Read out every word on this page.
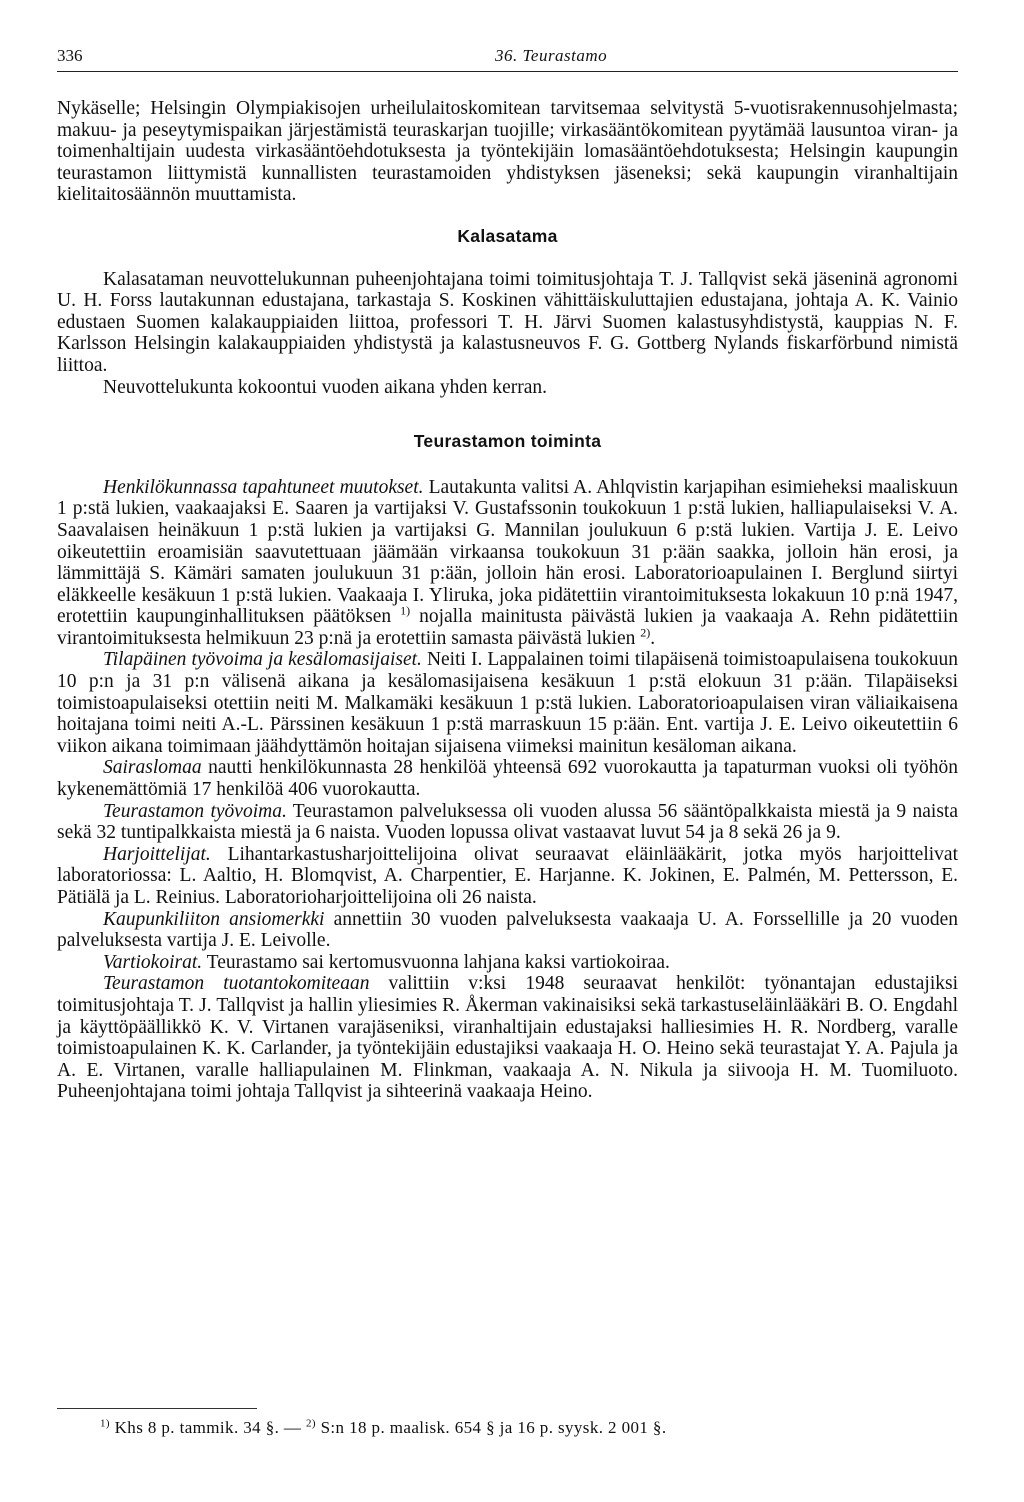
336	36. Teurastamo

Nykäselle; Helsingin Olympiakisojen urheilulaitoskomitean tarvitsemaa selvitystä 5-vuotisrakennusohjelmasta; makuu- ja peseytymispaikan järjestämistä teuraskarjan tuojille; virkasääntökomitean pyytämää lausuntoa viran- ja toimenhaltijain uudesta virkasääntöehdotuksesta ja työntekijäin lomasääntöehdotuksesta; Helsingin kaupungin teurastamon liittymistä kunnallisten teurastamoiden yhdistyksen jäseneksi; sekä kaupungin viranhaltijain kielitaitosäännön muuttamista.

Kalasatama

Kalasataman neuvottelukunnan puheenjohtajana toimi toimitusjohtaja T. J. Tallqvist sekä jäseninä agronomi U. H. Forss lautakunnan edustajana, tarkastaja S. Koskinen vähittäiskuluttajien edustajana, johtaja A. K. Vainio edustaen Suomen kalakauppiaiden liittoa, professori T. H. Järvi Suomen kalastusyhdistystä, kauppias N. F. Karlsson Helsingin kalakauppiaiden yhdistystä ja kalastusneuvos F. G. Gottberg Nylands fiskarförbund nimistä liittoa.

Neuvottelukunta kokoontui vuoden aikana yhden kerran.

Teurastamon toiminta

Henkilökunnassa tapahtuneet muutokset. Lautakunta valitsi A. Ahlqvistin karjapihan esimieheksi maaliskuun 1 p:stä lukien, vaakaajaksi E. Saaren ja vartijaksi V. Gustafssonin toukokuun 1 p:stä lukien, halliapulaiseksi V. A. Saavalaisen heinäkuun 1 p:stä lukien ja vartijaksi G. Mannilan joulukuun 6 p:stä lukien. Vartija J. E. Leivo oikeutettiin eroamisiän saavutettuaan jäämään virkaansa toukokuun 31 p:ään saakka, jolloin hän erosi, ja lämmittäjä S. Kämäri samaten joulukuun 31 p:ään, jolloin hän erosi. Laboratorioapulainen I. Berglund siirtyi eläkkeelle kesäkuun 1 p:stä lukien. Vaakaaja I. Yliruka, joka pidätettiin virantoimituksesta lokakuun 10 p:nä 1947, erotettiin kaupunginhallituksen päätöksen $^{1)}$ nojalla mainitusta päivästä lukien ja vaakaaja A. Rehn pidätettiin virantoimituksesta helmikuun 23 p:nä ja erotettiin samasta päivästä lukien $^{2)}$.

Tilapäinen työvoima ja kesälomasijaiset. Neiti I. Lappalainen toimi tilapäisenä toimistoapulaisena toukokuun 10 p:n ja 31 p:n välisenä aikana ja kesälomasijaisena kesäkuun 1 p:stä elokuun 31 p:ään. Tilapäiseksi toimistoapulaiseksi otettiin neiti M. Malkamäki kesäkuun 1 p:stä lukien. Laboratorioapulaisen viran väliaikaisena hoitajana toimi neiti A.-L. Pärssinen kesäkuun 1 p:stä marraskuun 15 p:ään. Ent. vartija J. E. Leivo oikeutettiin 6 viikon aikana toimimaan jäähdyttämön hoitajan sijaisena viimeksi mainitun kesäloman aikana.

Sairaslomaa nautti henkilökunnasta 28 henkilöä yhteensä 692 vuorokautta ja tapaturman vuoksi oli työhön kykenemättömiä 17 henkilöä 406 vuorokautta.

Teurastamon työvoima. Teurastamon palveluksessa oli vuoden alussa 56 sääntöpalkkaista miestä ja 9 naista sekä 32 tuntipalkkaista miestä ja 6 naista. Vuoden lopussa olivat vastaavat luvut 54 ja 8 sekä 26 ja 9.

Harjoittelijat. Lihantarkastusharjoittelijoina olivat seuraavat eläinlääkärit, jotka myös harjoittelivat laboratoriossa: L. Aaltio, H. Blomqvist, A. Charpentier, E. Harjanne. K. Jokinen, E. Palmén, M. Pettersson, E. Pätiälä ja L. Reinius. Laboratorioharjoittelijoina oli 26 naista.

Kaupunkiliiton ansiomerkki annettiin 30 vuoden palveluksesta vaakaaja U. A. Forssellille ja 20 vuoden palveluksesta vartija J. E. Leivolle.

Vartiokoirat. Teurastamo sai kertomusvuonna lahjana kaksi vartiokoiraa.

Teurastamon tuotantokomiteaan valittiin v:ksi 1948 seuraavat henkilöt: työnantajan edustajiksi toimitusjohtaja T. J. Tallqvist ja hallin yliesimies R. Åkerman vakinaisiksi sekä tarkastuseläinlääkäri B. O. Engdahl ja käyttöpäällikkö K. V. Virtanen varajäseniksi, viranhaltijain edustajaksi halliesimies H. R. Nordberg, varalle toimistoapulainen K. K. Carlander, ja työntekijäin edustajiksi vaakaaja H. O. Heino sekä teurastajat Y. A. Pajula ja A. E. Virtanen, varalle halliapulainen M. Flinkman, vaakaaja A. N. Nikula ja siivooja H. M. Tuomiluoto. Puheenjohtajana toimi johtaja Tallqvist ja sihteerinä vaakaaja Heino.

$^{1)}$ Khs 8 p. tammik. 34 §. — $^{2)}$ S:n 18 p. maalisk. 654 § ja 16 p. syysk. 2 001 §.
